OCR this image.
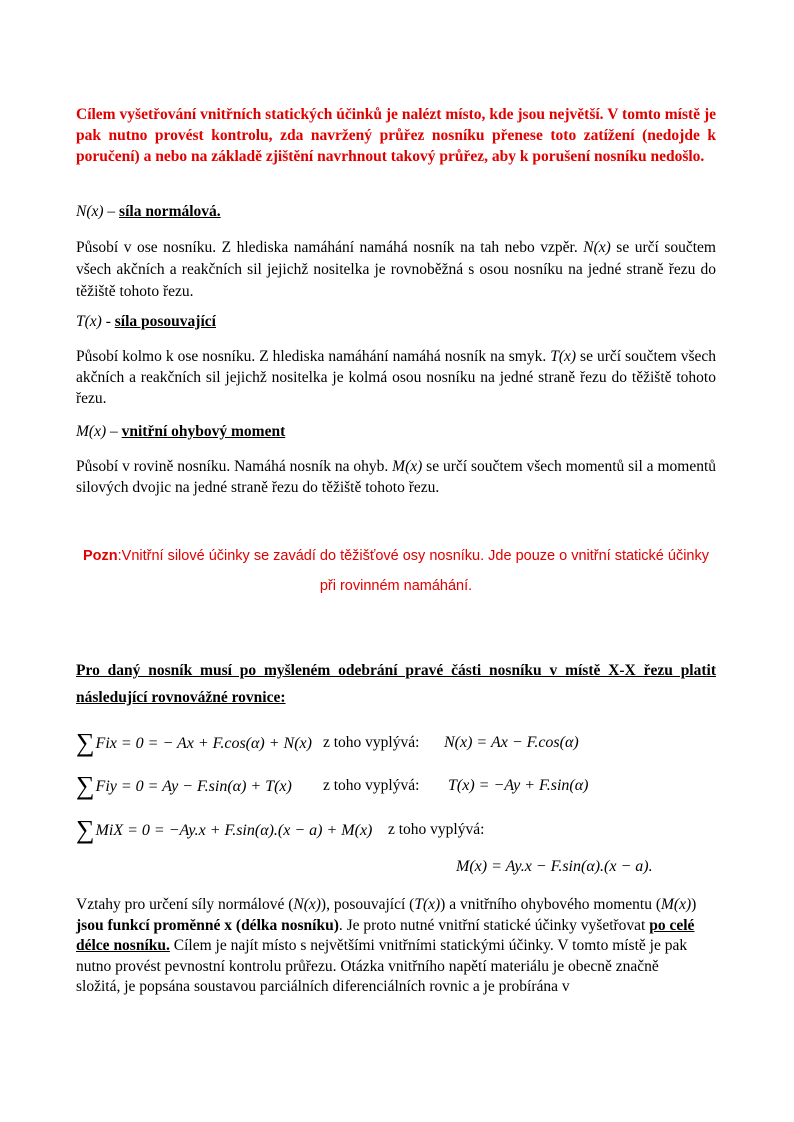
Cílem vyšetřování vnitřních statických účinků je nalézt místo, kde jsou největší. V tomto místě je pak nutno provést kontrolu, zda navržený průřez nosníku přenese toto zatížení (nedojde k poručení) a nebo na základě zjištění navrhnout takový průřez, aby k porušení nosníku nedošlo.

N(x) – síla normálová.

Působí v ose nosníku. Z hlediska namáhání namáhá nosník na tah nebo vzpěr. N(x) se určí součtem všech akčních a reakčních sil jejichž nositelka je rovnoběžná s osou nosníku na jedné straně řezu do těžiště tohoto řezu.

T(x) - síla posouvající

Působí kolmo k ose nosníku. Z hlediska namáhání namáhá nosník na smyk. T(x) se určí součtem všech akčních a reakčních sil jejichž nositelka je kolmá osou nosníku na jedné straně řezu do těžiště tohoto řezu.

M(x) – vnitřní ohybový moment

Působí v rovině nosníku. Namáhá nosník na ohyb. M(x) se určí součtem všech momentů sil a momentů silových dvojic na jedné straně řezu do těžiště tohoto řezu.

Pozn:Vnitřní silové účinky se zavádí do těžišťové osy nosníku. Jde pouze o vnitřní statické účinky
při rovinném namáhání.

Pro daný nosník musí po myšleném odebrání pravé části nosníku v místě X-X řezu platit následující rovnovážné rovnice:

∑Fix = 0 = − Ax + F.cos(α) + N(x) z toho vyplývá: N(x) = Ax − F.cos(α)
∑Fiy = 0 = Ay − F.sin(α) + T(x) z toho vyplývá: T(x) = −Ay + F.sin(α)
∑MiX = 0 = −Ay.x + F.sin(α).(x − a) + M(x) z toho vyplývá:
M(x) = Ay.x − F.sin(α).(x − a).

Vztahy pro určení síly normálové (N(x)), posouvající (T(x)) a vnitřního ohybového momentu (M(x)) jsou funkcí proměnné x (délka nosníku). Je proto nutné vnitřní statické účinky vyšetřovat po celé délce nosníku. Cílem je najít místo s největšími vnitřními statickými účinky. V tomto místě je pak nutno provést pevnostní kontrolu průřezu. Otázka vnitřního napětí materiálu je obecně značně složitá, je popsána soustavou parciálních diferenciálních rovnic a je probírána v
